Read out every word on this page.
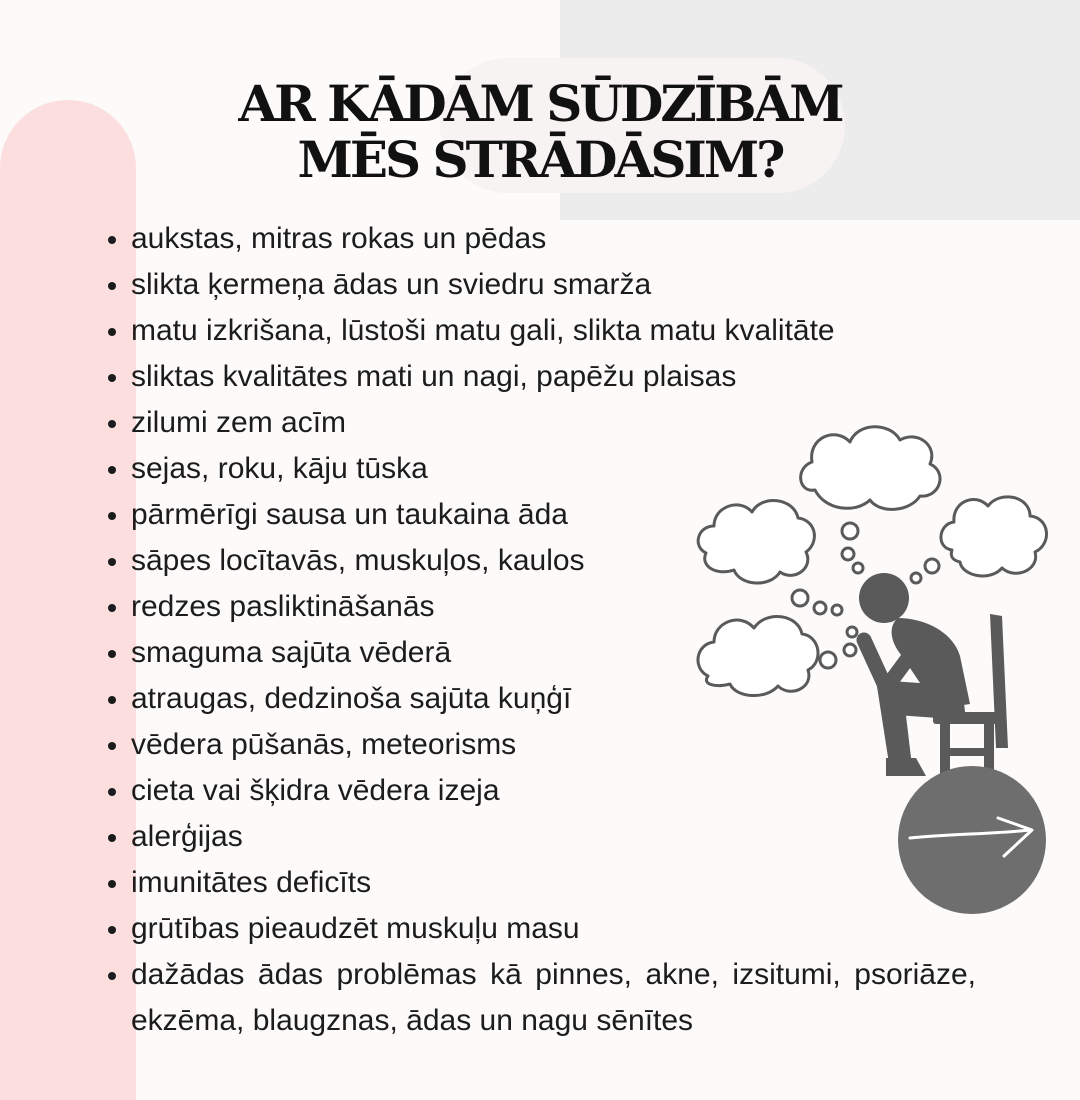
AR KĀDĀM SŪDZĪBĀM
MĒS STRĀDĀSIM?
aukstas, mitras rokas un pēdas
slikta ķermeņa ādas un sviedru smarža
matu izkrišana, lūstoši matu gali, slikta matu kvalitāte
sliktas kvalitātes mati un nagi, papēžu plaisas
zilumi zem acīm
sejas, roku, kāju tūska
pārmērīgi sausa un taukaina āda
sāpes locītavās, muskuļos, kaulos
redzes pasliktināšanās
smaguma sajūta vēderā
atraugas, dedzinoša sajūta kuņģī
vēdera pūšanās, meteorisms
cieta vai šķidra vēdera izeja
alerģijas
imunitātes deficīts
grūtības pieaudzēt muskuļu masu
dažādas ādas problēmas kā pinnes, akne, izsitumi, psoriāze, ekzēma, blaugznas, ādas un nagu sēnītes
